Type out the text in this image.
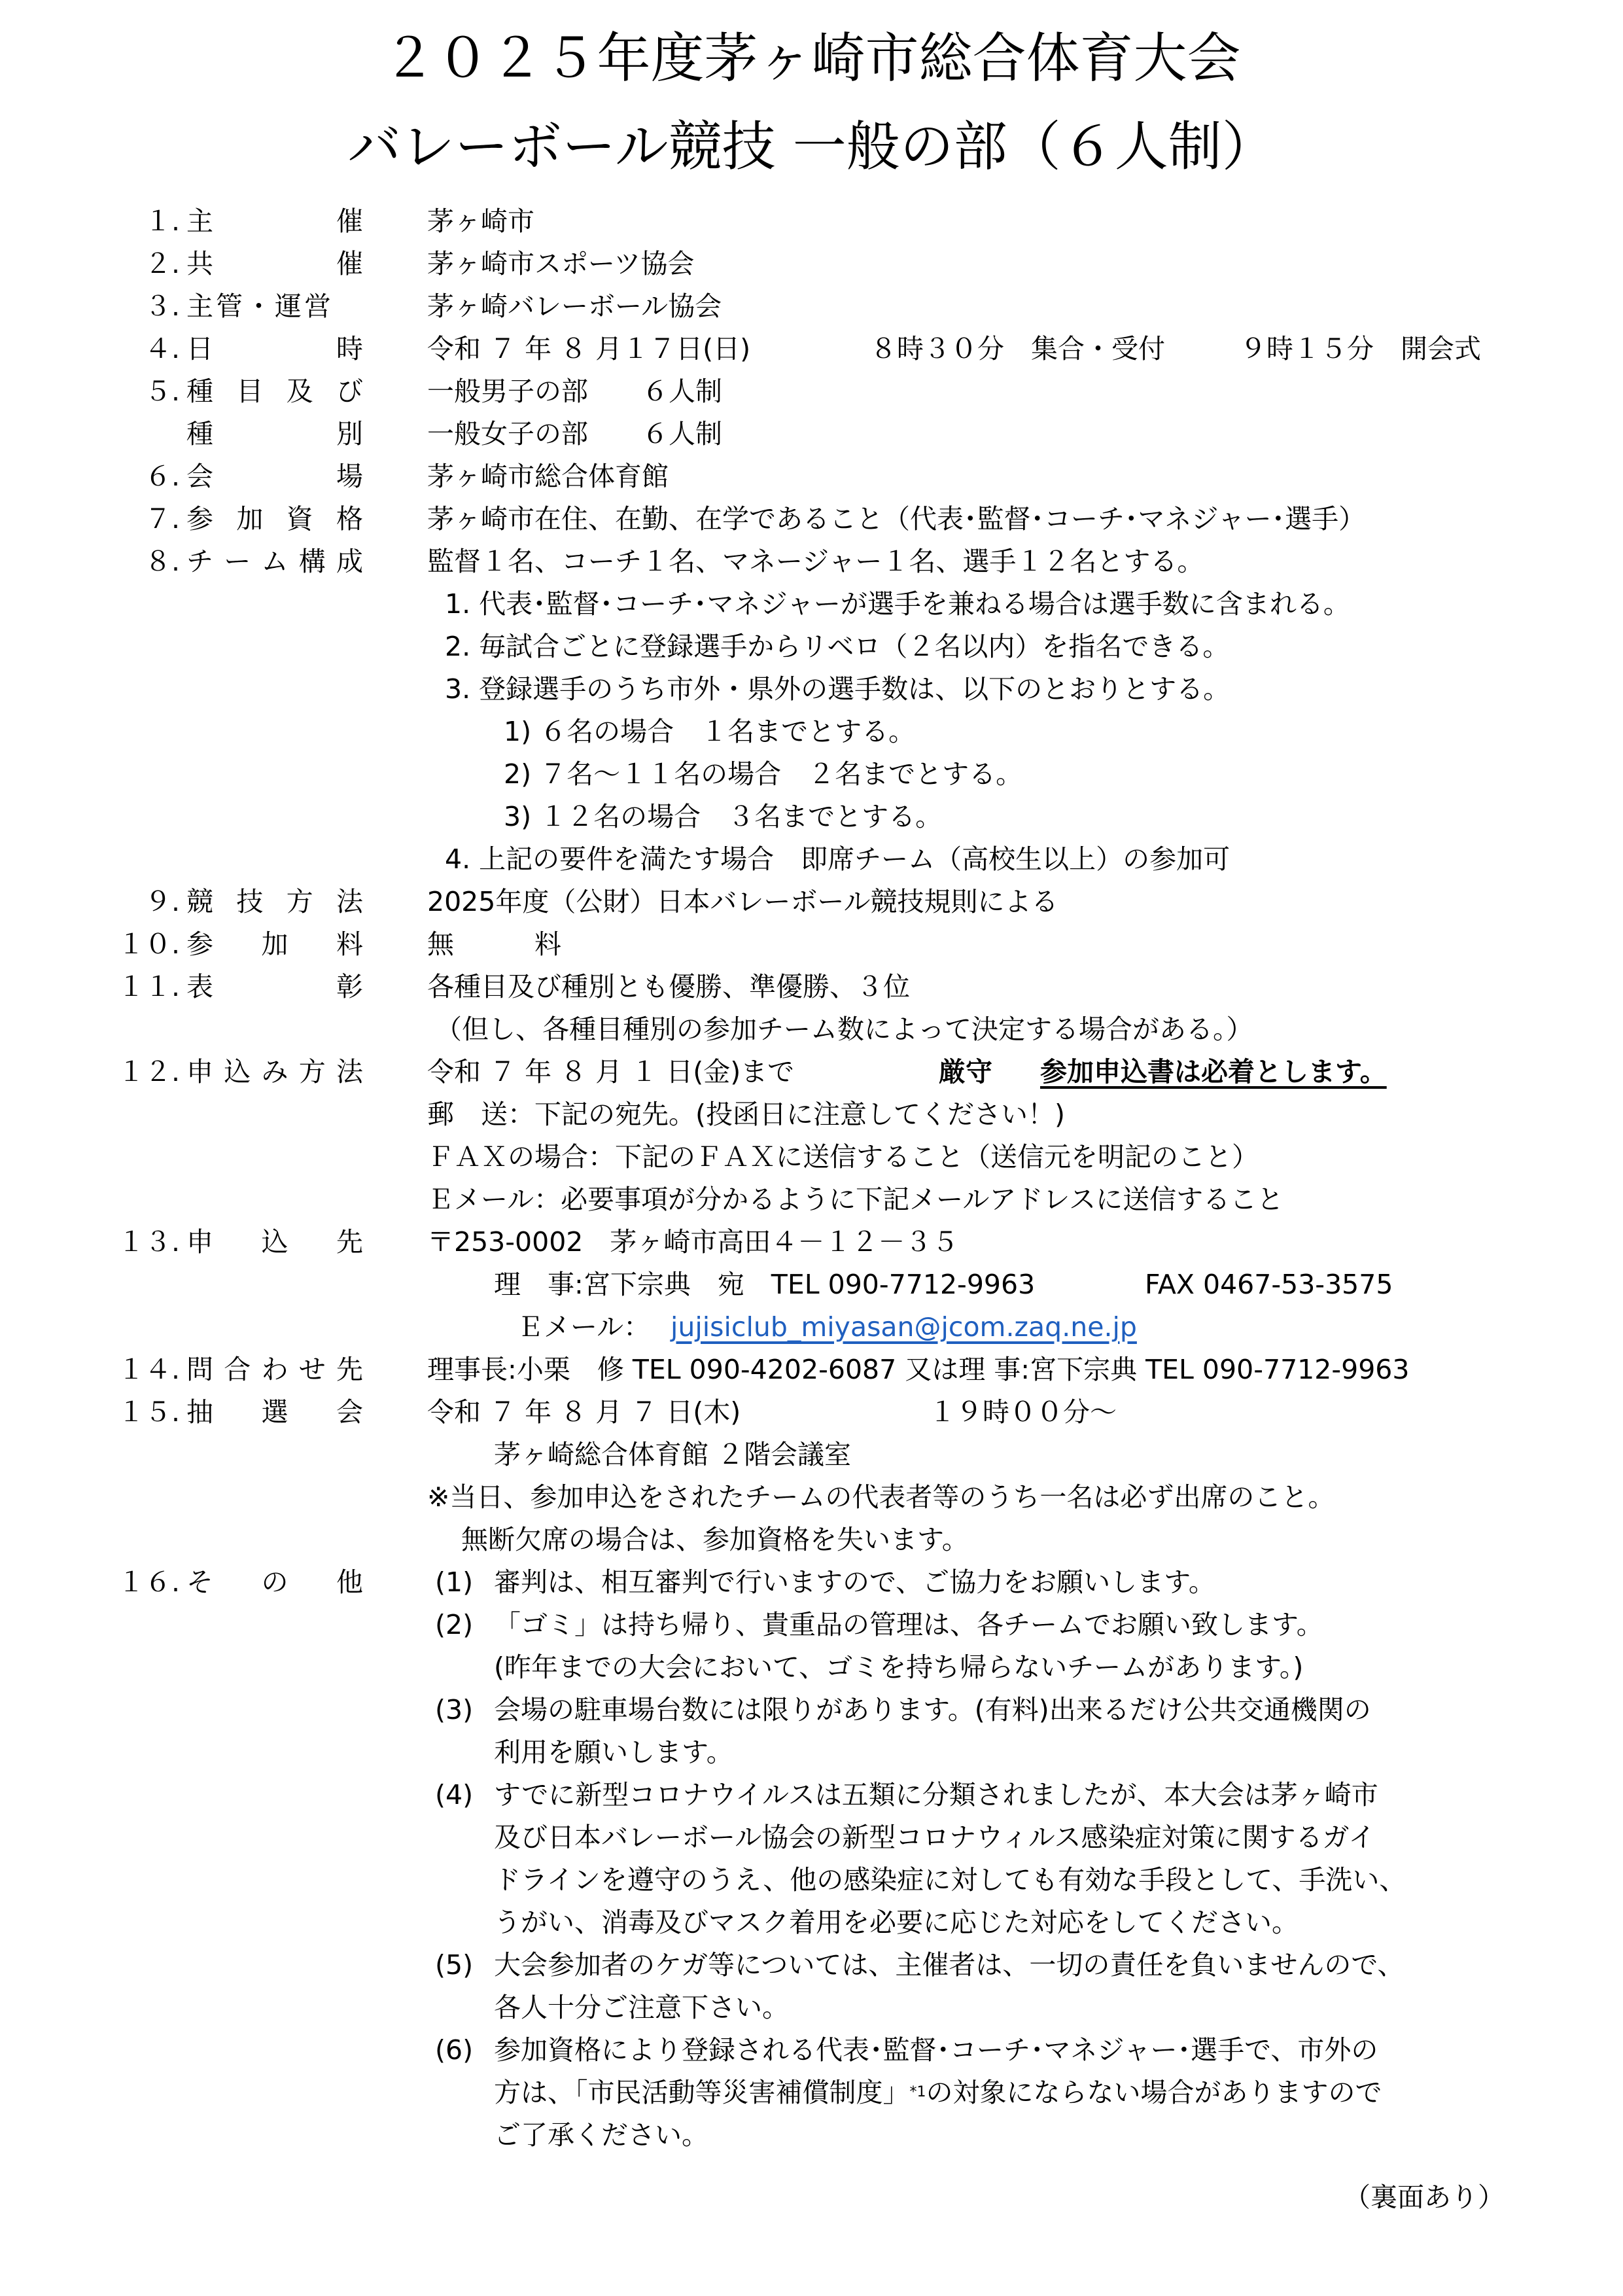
２０２５年度茅ヶ崎市総合体育大会
バレーボール競技 一般の部（６人制）
１. 主	催 茅ヶ崎市
２. 共	催 茅ヶ崎市スポーツ協会
３. 主管・運営	茅ヶ崎バレーボール協会
４. 日	時 令和 ７ 年 ８ 月１７日(日)	８時３０分　集合・受付	９時１５分　開会式
５. 種 目 及 び 一般男子の部　　６人制
種	別 一般女子の部　　６人制
６. 会	場 茅ヶ崎市総合体育館
７. 参 加 資 格 茅ヶ崎市在住、在勤、在学であること（代表･監督･コーチ･マネジャー･選手）
８. チ ー ム 構 成 監督１名、コーチ１名、マネージャー１名、選手１２名とする。
1. 代表･監督･コーチ･マネジャーが選手を兼ねる場合は選手数に含まれる。
2. 毎試合ごとに登録選手からリベロ（２名以内）を指名できる。
3. 登録選手のうち市外・県外の選手数は、以下のとおりとする。
1) ６名の場合　１名までとする。
2) ７名〜１１名の場合　２名までとする。
3) １２名の場合　３名までとする。
4. 上記の要件を満たす場合　即席チーム（高校生以上）の参加可
９. 競 技 方 法 2025年度（公財）日本バレーボール競技規則による
１０. 参 加 料 無　　　料
１１. 表	彰 各種目及び種別とも優勝、準優勝、３位
（但し、各種目種別の参加チーム数によって決定する場合がある。）
１２. 申 込 み 方 法 令和 ７ 年 ８ 月 １ 日(金)まで	厳守 参加申込書は必着とします。
郵　送：下記の宛先。(投函日に注意してください！)
ＦＡＸの場合：下記のＦＡＸに送信すること（送信元を明記のこと）
Ｅメール：必要事項が分かるように下記メールアドレスに送信すること
１３. 申 込 先 〒253-0002　茅ヶ崎市高田４－１２－３５
理　事:宮下宗典　宛　TEL 090-7712-9963	FAX 0467-53-3575
Ｅメール： jujisiclub_miyasan@jcom.zaq.ne.jp
１４. 問 合 わ せ 先 理事長:小栗　修 TEL 090-4202-6087 又は理 事:宮下宗典 TEL 090-7712-9963
１５. 抽 選 会 令和 ７ 年 ８ 月 ７ 日(木)	１９時００分〜
茅ヶ崎総合体育館 ２階会議室
※当日、参加申込をされたチームの代表者等のうち一名は必ず出席のこと。
無断欠席の場合は、参加資格を失います。
１６. そ の 他	(1) 審判は、相互審判で行いますので、ご協力をお願いします。
(2) 「ゴミ」は持ち帰り、貴重品の管理は、各チームでお願い致します。
(昨年までの大会において、ゴミを持ち帰らないチームがあります。)
(3) 会場の駐車場台数には限りがあります。(有料)出来るだけ公共交通機関の
利用を願いします。
(4) すでに新型コロナウイルスは五類に分類されましたが、本大会は茅ヶ崎市
及び日本バレーボール協会の新型コロナウィルス感染症対策に関するガイ
ドラインを遵守のうえ、他の感染症に対しても有効な手段として、手洗い、
うがい、消毒及びマスク着用を必要に応じた対応をしてください。
(5) 大会参加者のケガ等については、主催者は、一切の責任を負いませんので、
各人十分ご注意下さい。
(6) 参加資格により登録される代表･監督･コーチ･マネジャー･選手で、市外の
方は、「市民活動等災害補償制度」$^{*1}$の対象にならない場合がありますので
ご了承ください。
（裏面あり）
